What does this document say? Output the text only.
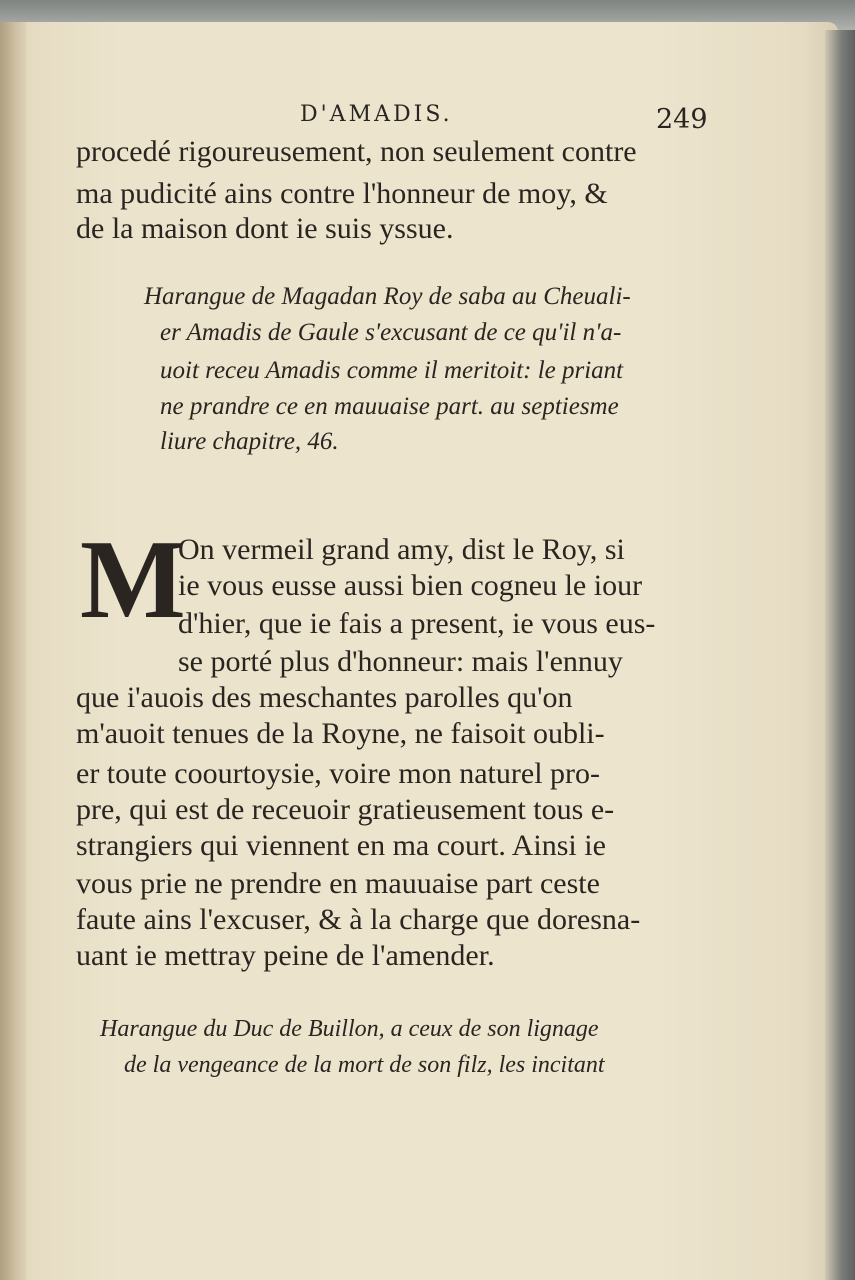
D'AMADIS.	249
procedé rigoureusement, non seulement contre
ma pudicité ains contre l'honneur de moy, &
de la maison dont ie suis yssue.
Harangue de Magadan Roy de saba au Cheuali-
er Amadis de Gaule s'excusant de ce qu'il n'a-
uoit receu Amadis comme il meritoit: le priant
ne prandre ce en mauuaise part. au septiesme
liure chapitre, 46.
M
On vermeil grand amy, dist le Roy, si
ie vous eusse aussi bien cogneu le iour
d'hier, que ie fais a present, ie vous eus-
se porté plus d'honneur: mais l'ennuy
que i'auois des meschantes parolles qu'on
m'auoit tenues de la Royne, ne faisoit oubli-
er toute coourtoysie, voire mon naturel pro-
pre, qui est de receuoir gratieusement tous e-
strangiers qui viennent en ma court. Ainsi ie
vous prie ne prendre en mauuaise part ceste
faute ains l'excuser, & à la charge que doresna-
uant ie mettray peine de l'amender.
Harangue du Duc de Buillon, a ceux de son lignage
de la vengeance de la mort de son filz, les incitant
